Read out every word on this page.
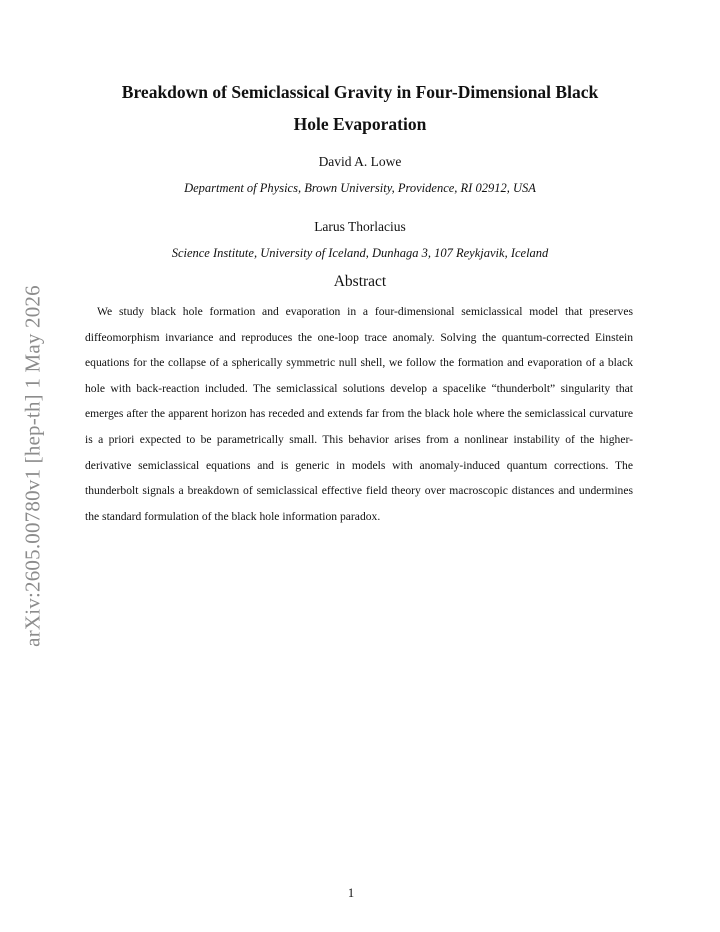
arXiv:2605.00780v1 [hep-th] 1 May 2026
Breakdown of Semiclassical Gravity in Four-Dimensional Black
Hole Evaporation
David A. Lowe
Department of Physics, Brown University, Providence, RI 02912, USA
Larus Thorlacius
Science Institute, University of Iceland, Dunhaga 3, 107 Reykjavik, Iceland
Abstract
We study black hole formation and evaporation in a four-dimensional semiclassical model that preserves diffeomorphism invariance and reproduces the one-loop trace anomaly. Solving the quantum-corrected Einstein equations for the collapse of a spherically symmetric null shell, we follow the formation and evaporation of a black hole with back-reaction included. The semiclassical solutions develop a spacelike “thunderbolt” singularity that emerges after the apparent horizon has receded and extends far from the black hole where the semiclassical curvature is a priori expected to be parametrically small. This behavior arises from a nonlinear instability of the higher-derivative semiclassical equations and is generic in models with anomaly-induced quantum corrections. The thunderbolt signals a breakdown of semiclassical effective field theory over macroscopic distances and undermines the standard formulation of the black hole information paradox.
1
